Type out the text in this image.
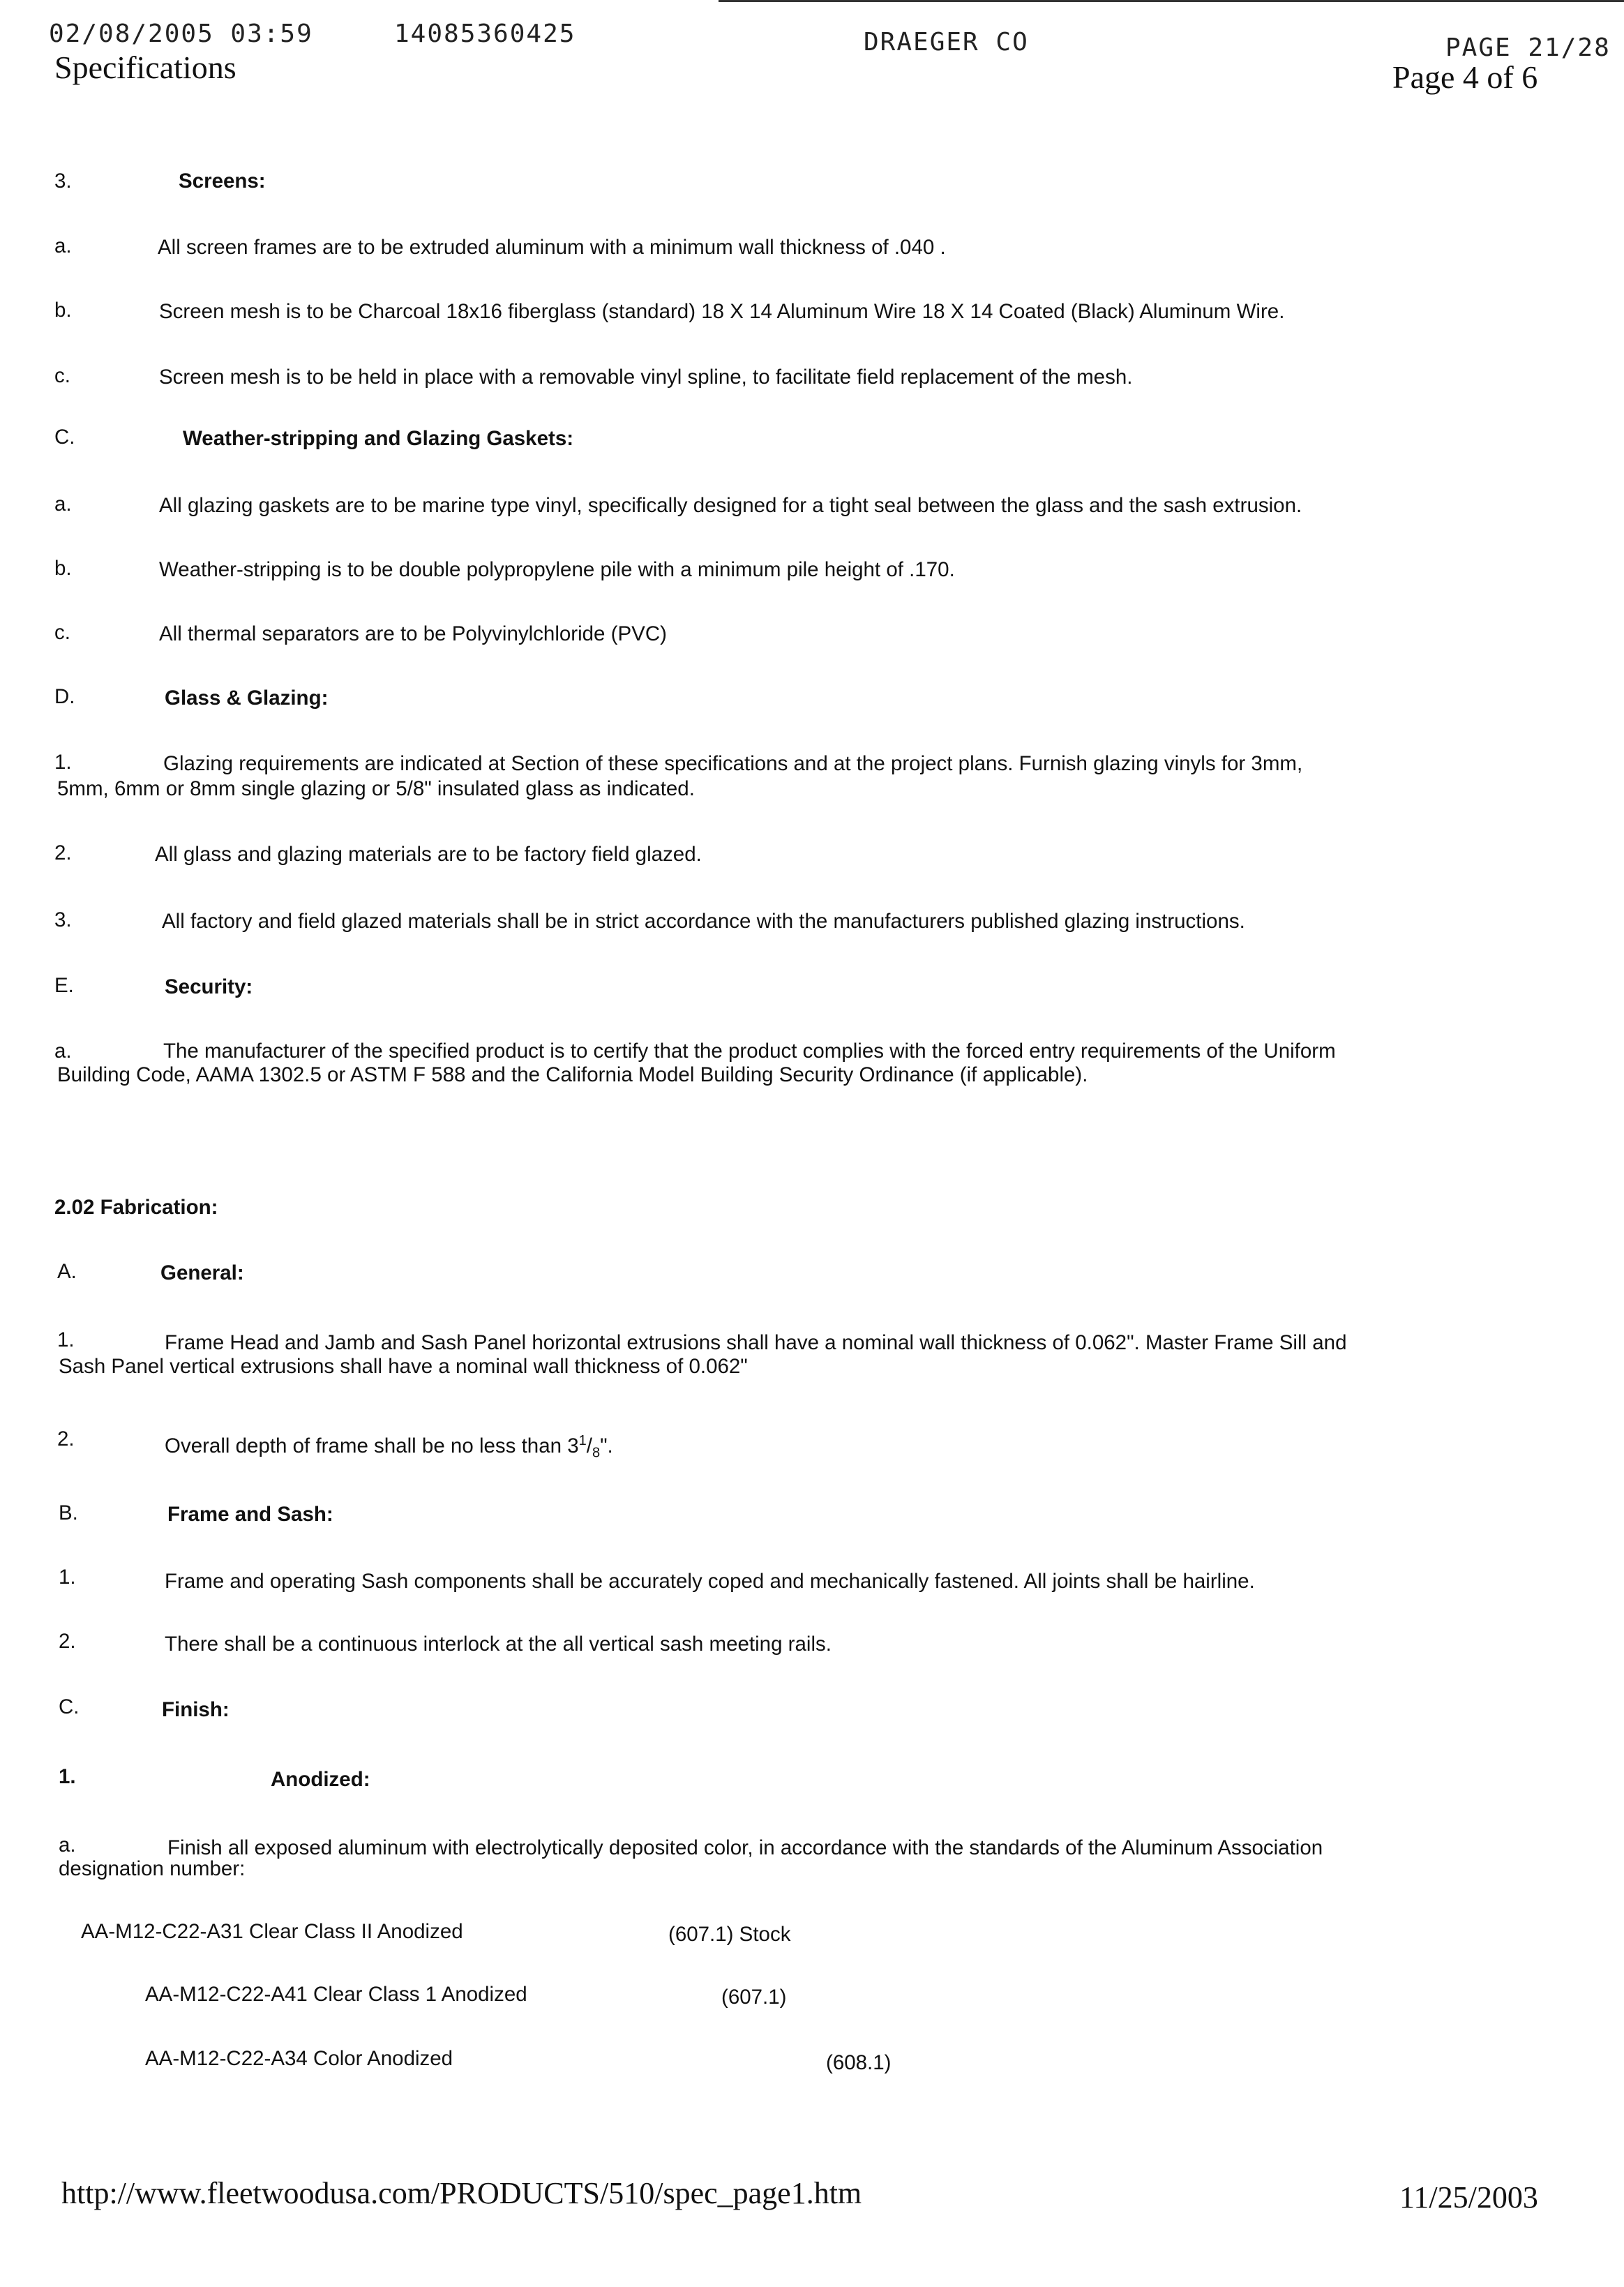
02/08/2005 03:59	14085360425	DRAEGER CO	PAGE 21/28
Specifications	Page 4 of 6
3.	Screens:
a.	All screen frames are to be extruded aluminum with a minimum wall thickness of .040 .
b.	Screen mesh is to be Charcoal 18x16 fiberglass (standard) 18 X 14 Aluminum Wire 18 X 14 Coated (Black) Aluminum Wire.
c.	Screen mesh is to be held in place with a removable vinyl spline, to facilitate field replacement of the mesh.
C.	Weather-stripping and Glazing Gaskets:
a.	All glazing gaskets are to be marine type vinyl, specifically designed for a tight seal between the glass and the sash extrusion.
b.	Weather-stripping is to be double polypropylene pile with a minimum pile height of .170.
c.	All thermal separators are to be Polyvinylchloride (PVC)
D.	Glass & Glazing:
1.	Glazing requirements are indicated at Section of these specifications and at the project plans. Furnish glazing vinyls for 3mm,
5mm, 6mm or 8mm single glazing or 5/8" insulated glass as indicated.
2.	All glass and glazing materials are to be factory field glazed.
3.	All factory and field glazed materials shall be in strict accordance with the manufacturers published glazing instructions.
E.	Security:
a.	The manufacturer of the specified product is to certify that the product complies with the forced entry requirements of the Uniform
Building Code, AAMA 1302.5 or ASTM F 588 and the California Model Building Security Ordinance (if applicable).
2.02 Fabrication:
A.	General:
1.	Frame Head and Jamb and Sash Panel horizontal extrusions shall have a nominal wall thickness of 0.062". Master Frame Sill and
Sash Panel vertical extrusions shall have a nominal wall thickness of 0.062"
2.	Overall depth of frame shall be no less than $3^1/_8$".
B.	Frame and Sash:
1.	Frame and operating Sash components shall be accurately coped and mechanically fastened. All joints shall be hairline.
2.	There shall be a continuous interlock at the all vertical sash meeting rails.
C.	Finish:
1.	Anodized:
a.	Finish all exposed aluminum with electrolytically deposited color, in accordance with the standards of the Aluminum Association
designation number:
AA-M12-C22-A31 Clear Class II Anodized	(607.1) Stock
AA-M12-C22-A41 Clear Class 1 Anodized	(607.1)
AA-M12-C22-A34 Color Anodized	(608.1)
http://www.fleetwoodusa.com/PRODUCTS/510/spec_page1.htm	11/25/2003
